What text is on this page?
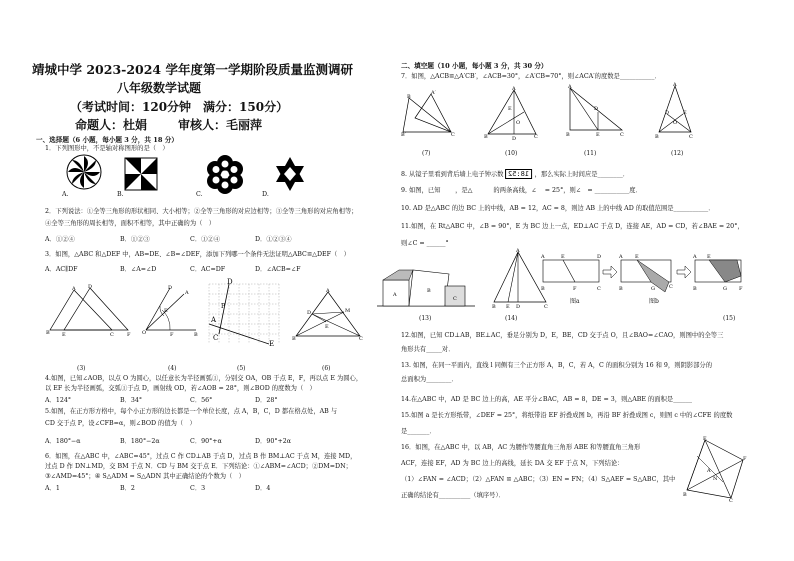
靖城中学 2023-2024 学年度第一学期阶段质量监测调研
八年级数学试题
（考试时间：120分钟　满分：150分）
命题人：杜娟	审核人：毛丽萍
一、选择题（6 小题，每小题 3 分，共 18 分）
1．下列图形中，不是轴对称图形的是（　）
A.	B.	C.	D.
2．下列说法：①全等三角形的形状相同、大小相等；②全等三角形的对应边相等；③全等三角形的对应角相等；
④全等三角形的周长相等，面积不相等，其中正确的为（　）
A．①②④	B．①②③	C．①②④	D．①②③④
3．如图，△ABC 和△DEF 中，AB=DE、∠B=∠DEF，添加下列哪一个条件无法证明△ABC≌△DEF（　）
A．AC∥DF	B．∠A=∠D	C．AC=DF	D．∠ACB=∠F
A D
B E	C	F O	F
A
D
E
B
D
A
C
E
P
A
B	C
D	M
E
(3)	(4)	(5)	(6)
4.如图，已知∠AOB，以点 O 为圆心，以任意长为半径画弧①，分别交 OA，OB 于点 E，F，再以点 E 为圆心，
以 EF 长为半径画弧，交弧①于点 D，画射线 OD，若∠AOB = 28°，则∠BOD 的度数为（　）
A．124°	B．34°	C．56°	D．28°
5.如图，在正方形方格中，每个小正方形的边长都是一个单位长度，点 A，B，C，D 都在格点处，AB 与
CD 交于点 P，设∠CFB=α，则∠BOD 的值为（　）
A．180°−α	B．180°−2α	C．90°+α	D．90°+2α
6．如图，在△ABC 中，∠ABC=45°，过点 C 作 CD⊥AB 于点 D，过点 B 作 BM⊥AC 于点 M，连接 MD，
过点 D 作 DN⊥MD，交 BM 于点 N．CD 与 BM 交于点 E．下列结论：①∠ABM=∠ACD；②DM=DN；
③∠AMD=45°；④ S△ADM = S△ADN 其中正确结论的个数为（　）
A．1	B．2	C．3	D．4
二、填空题（10 小题，每小题 3 分，共 30 分）
7．如图，△ACB≌△A′CB′，∠ACB=30°，∠A′CB=70°，则∠ACA′的度数是___________．
B
A′
C
B′
A
E
O
B	D	C
A
D
B	E	C
A
D	E
O
B	C
(7)	(10)	(11)	(12)
8. 从镜子里看到背后墙上电子钟示数 18:52 ，那么实际上时间应是________．
9. 如图，已知　　 ，是△　　　 的两条高线，∠ 　= 25°，则∠　= ___________度．
10. AD 是△ABC 的边 BC 上的中线，AB = 12，AC = 8，则边 AB 上的中线 AD 的取值范围是___________．
11.如图，在 Rt△ABC 中，∠B = 90°，E 为 BC 边上一点，ED⊥AC 于点 D，连接 AE，AD = CD，若∠BAE = 20°，
则∠C = ______°
A
B
C
A
B E D	C
A	E	D
B	F	C
A E
B	G	C
A E
B	G F
(13)	(14)
图a	图b
(15)
12.如图，已知 CD⊥AB，BE⊥AC，垂足分别为 D，E，BE，CD 交于点 O，且∠BAO=∠CAO，则图中的全等三
角形共有_____对．
13. 如图，在同一平面内，直线 l 同侧有三个正方形 A，B，C，若 A，C 的面积分别为 16 和 9，则阴影部分的
总面积为________．
14.在△ABC 中，AD 是 BC 边上的高，AE 平分∠BAC，AB = 8，DE = 3，则△ABE 的面积是______
15.如图 a 是长方形纸带，∠DEF = 25°，将纸带沿 EF 折叠成图 b，再沿 BF 折叠成图 c，则图 c 中的∠CFE 的度数
是_______．
16．如图，在△ABC 中，以 AB，AC 为腰作等腰直角三角形 ABE 和等腰直角三角形
ACF，连接 EF，AD 为 BC 边上的高线，延长 DA 交 EF 于点 N，下列结论：
（1）∠FAN = ∠ACD；（2）△FAN ≌ △ABC；（3）EN = FN；（4）S△AEF = S△ABC，其中
正确的结论有__________（填序号）．
E
F
A
B
C
N
